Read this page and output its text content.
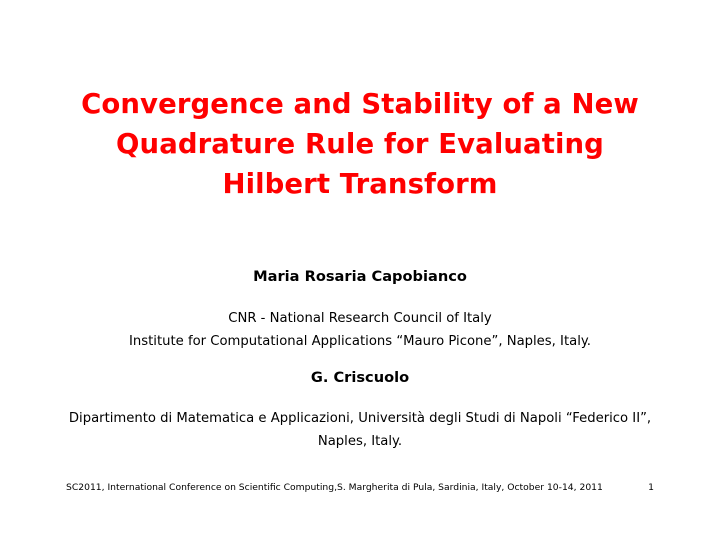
Convergence and Stability of a New
Quadrature Rule for Evaluating
Hilbert Transform
Maria Rosaria Capobianco
CNR - National Research Council of Italy
Institute for Computational Applications “Mauro Picone”, Naples, Italy.
G. Criscuolo
Dipartimento di Matematica e Applicazioni, Università degli Studi di Napoli “Federico II”,
Naples, Italy.
SC2011, International Conference on Scientific Computing,S. Margherita di Pula, Sardinia, Italy, October 10-14, 2011	1
